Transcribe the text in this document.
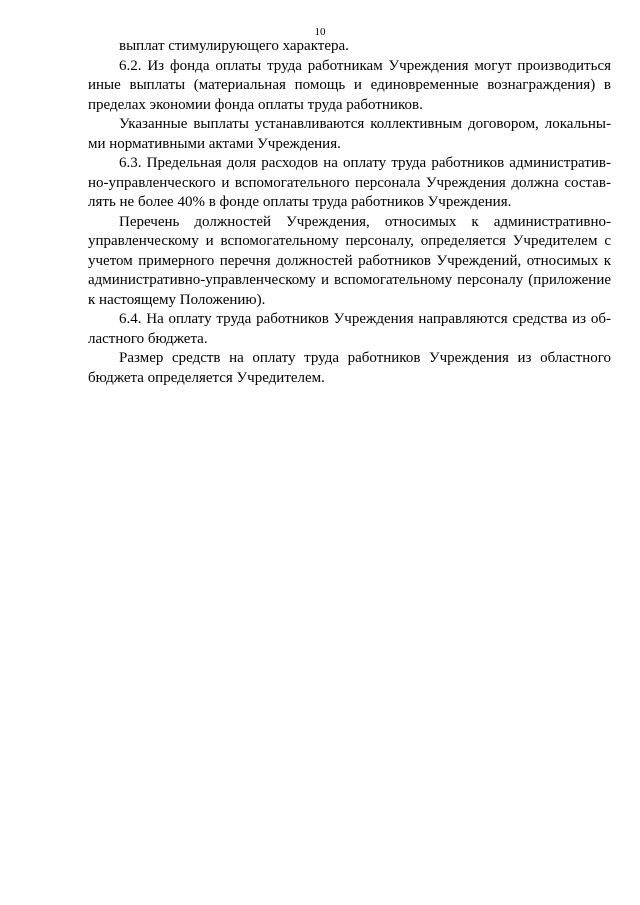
10
выплат стимулирующего характера.
6.2. Из фонда оплаты труда работникам Учреждения могут производиться
иные выплаты (материальная помощь и единовременные вознаграждения) в
пределах экономии фонда оплаты труда работников.
Указанные выплаты устанавливаются коллективным договором, локальны-
ми нормативными актами Учреждения.
6.3. Предельная доля расходов на оплату труда работников административ-
но-управленческого и вспомогательного персонала Учреждения должна состав-
лять не более 40% в фонде оплаты труда работников Учреждения.
Перечень должностей Учреждения, относимых к административно-
управленческому и вспомогательному персоналу, определяется Учредителем с
учетом примерного перечня должностей работников Учреждений, относимых к
административно-управленческому и вспомогательному персоналу (приложение
к настоящему Положению).
6.4. На оплату труда работников Учреждения направляются средства из об-
ластного бюджета.
Размер средств на оплату труда работников Учреждения из областного
бюджета определяется Учредителем.
